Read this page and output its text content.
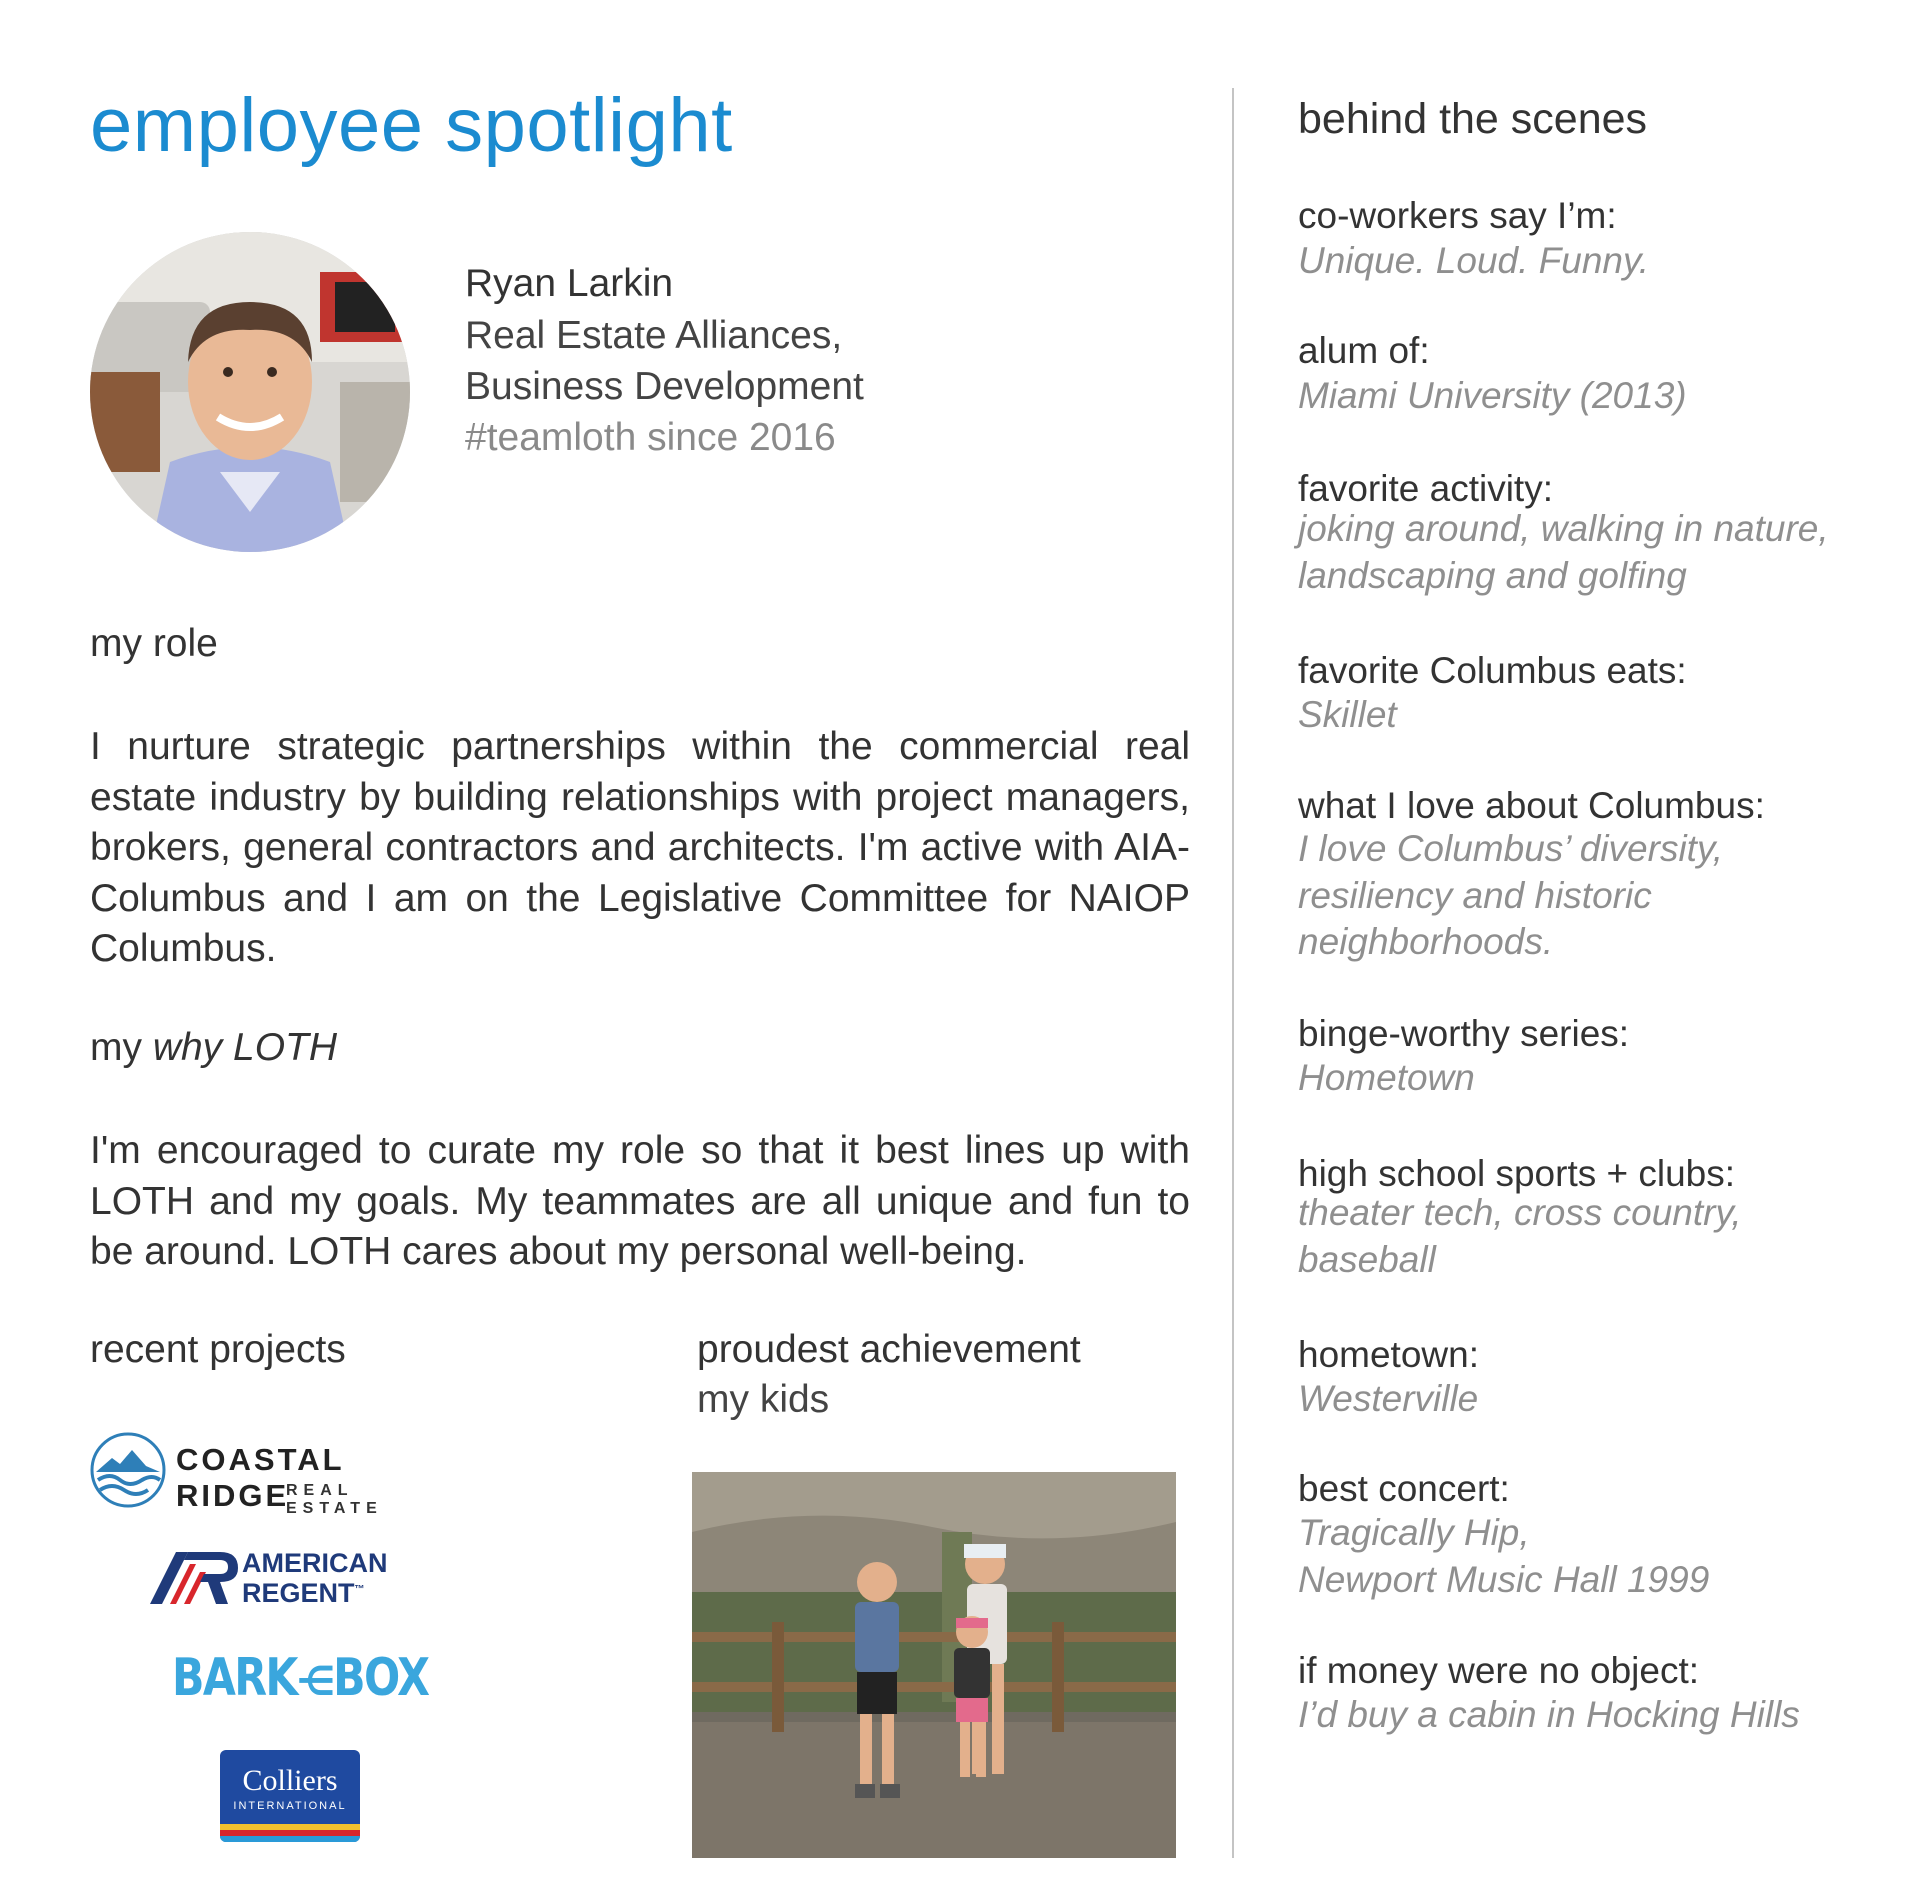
employee spotlight
Ryan Larkin
Real Estate Alliances,
Business Development
#teamloth since 2016
my role
I nurture strategic partnerships within the commercial real estate industry by building relationships with project managers, brokers, general contractors and architects. I'm active with AIA-Columbus and I am on the Legislative Committee for NAIOP Columbus.
my why LOTH
I'm encouraged to curate my role so that it best lines up with LOTH and my goals. My teammates are all unique and fun to be around. LOTH cares about my personal well-being.
recent projects
COASTAL RIDGE
REAL ESTATE
AMERICAN
REGENT™
BARK⋲BOX
Colliers
INTERNATIONAL
proudest achievement
my kids
behind the scenes
co-workers say I’m:
Unique. Loud. Funny.
alum of:
Miami University (2013)
favorite activity:
joking around, walking in nature,
landscaping and golfing
favorite Columbus eats:
Skillet
what I love about Columbus:
I love Columbus’ diversity,
resiliency and historic
neighborhoods.
binge-worthy series:
Hometown
high school sports + clubs:
theater tech, cross country,
baseball
hometown:
Westerville
best concert:
Tragically Hip,
Newport Music Hall 1999
if money were no object:
I’d buy a cabin in Hocking Hills
